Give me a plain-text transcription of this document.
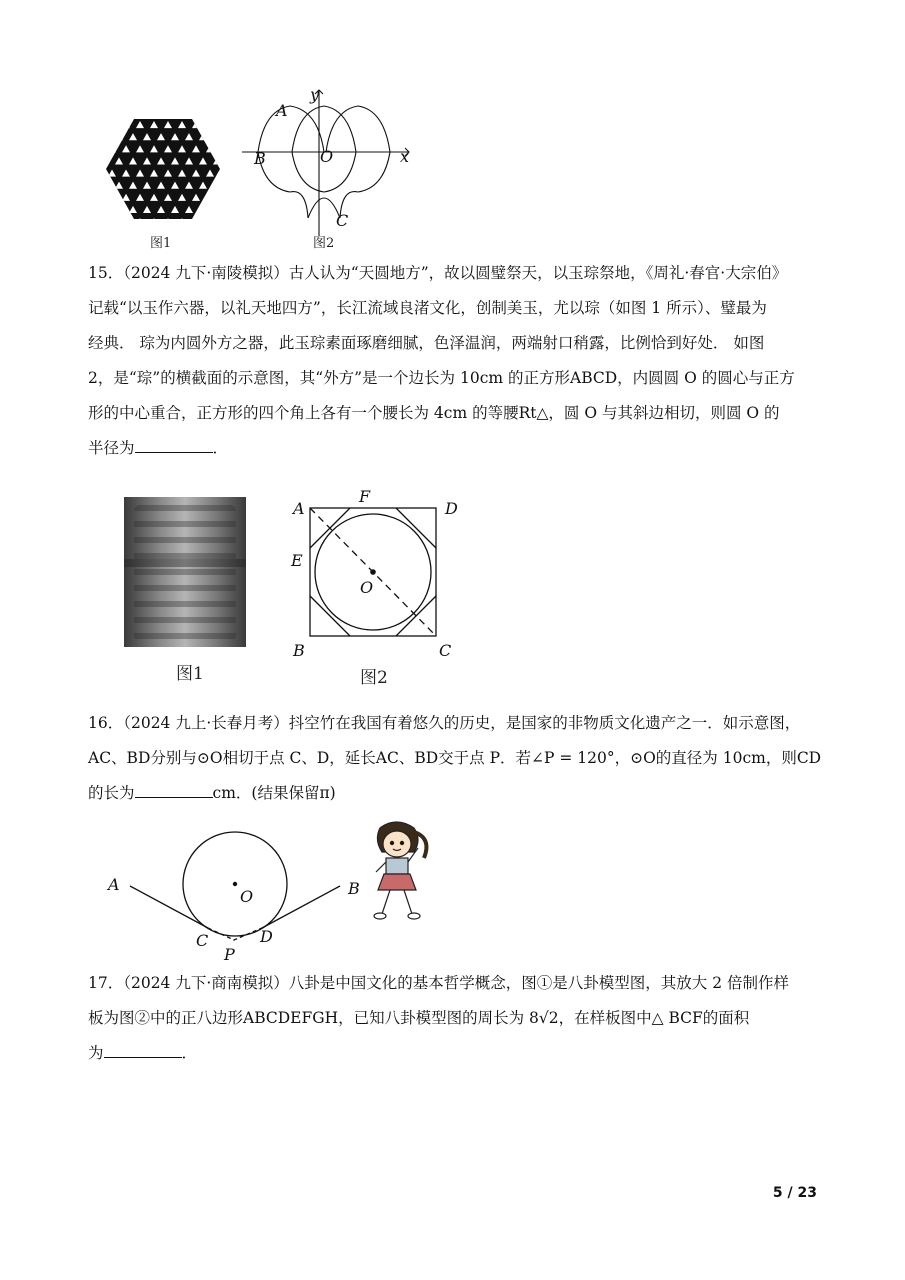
图1
A
B	O
C
x
y
图2

15．（2024 九下·南陵模拟）古人认为“天圆地方”，故以圆璧祭天，以玉琮祭地，《周礼·春官·大宗伯》

记载“以玉作六器，以礼天地四方”，长江流域良渚文化，创制美玉，尤以琮（如图 1 所示）、璧最为

经典． 琮为内圆外方之器，此玉琮素面琢磨细腻，色泽温润，两端射口稍露，比例恰到好处． 如图

2，是“琮”的横截面的示意图，其“外方”是一个边长为 10cm 的正方形ABCD，内圆圆 O 的圆心与正方

形的中心重合，正方形的四个角上各有一个腰长为 4cm 的等腰Rt△，圆 O 与其斜边相切，则圆 O 的

半径为	．

图1
A
F
D
E
O
B	C
图2

16．（2024 九上·长春月考）抖空竹在我国有着悠久的历史，是国家的非物质文化遗产之一．如示意图，

AC、BD分别与⊙O相切于点 C、D，延长AC、BD交于点 P．若∠P = 120°，⊙O的直径为 10cm，则CD

的长为	cm．(结果保留π)

A	B
O
C	D
P

17．（2024 九下·商南模拟）八卦是中国文化的基本哲学概念，图①是八卦模型图，其放大 2 倍制作样

板为图②中的正八边形ABCDEFGH，已知八卦模型图的周长为 8√2，在样板图中△ BCF的面积

为	．

5 / 23
